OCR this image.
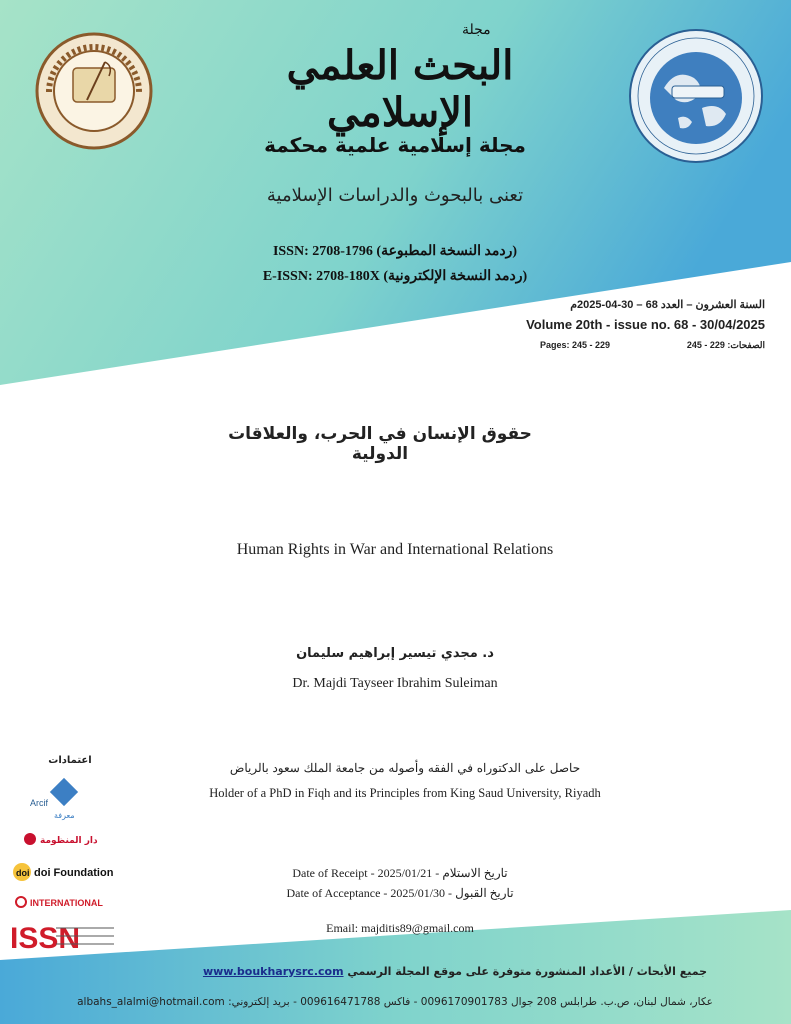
مجلة
البحث العلمي الإسلامي
مجلة إسلامية علمية محكمة
تعنى بالبحوث والدراسات الإسلامية
ISSN: 2708-1796 (ردمد النسخة المطبوعة)
E-ISSN: 2708-180X (ردمد النسخة الإلكترونية)
السنة العشرون – العدد 68 – 30-04-2025م
Volume 20th - issue no. 68 - 30/04/2025
الصفحات: 229 - 245
Pages: 245 - 229
حقوق الإنسان في الحرب، والعلاقات الدولية
Human Rights in War and International Relations
د. مجدي تيسير إبراهيم سليمان
Dr. Majdi Tayseer Ibrahim Suleiman
حاصل على الدكتوراه في الفقه وأصوله من جامعة الملك سعود بالرياض
Holder of a PhD in Fiqh and its Principles from King Saud University, Riyadh
Date of Receipt - 2025/01/21 - تاريخ الاستلام
Date of Acceptance - 2025/01/30 - تاريخ القبول
Email: majditis89@gmail.com
اعتمادات
Arcif
معرفة
دار المنظومة
doi doi Foundation
INTERNATIONAL
ISSN
جميع الأبحاث / الأعداد المنشورة متوفرة على موقع المجلة الرسمي www.boukharysrc.com
عكار، شمال لبنان، ص.ب. طرابلس 208 جوال 0096170901783 - فاكس 009616471788 - بريد إلكتروني: albahs_alalmi@hotmail.com
